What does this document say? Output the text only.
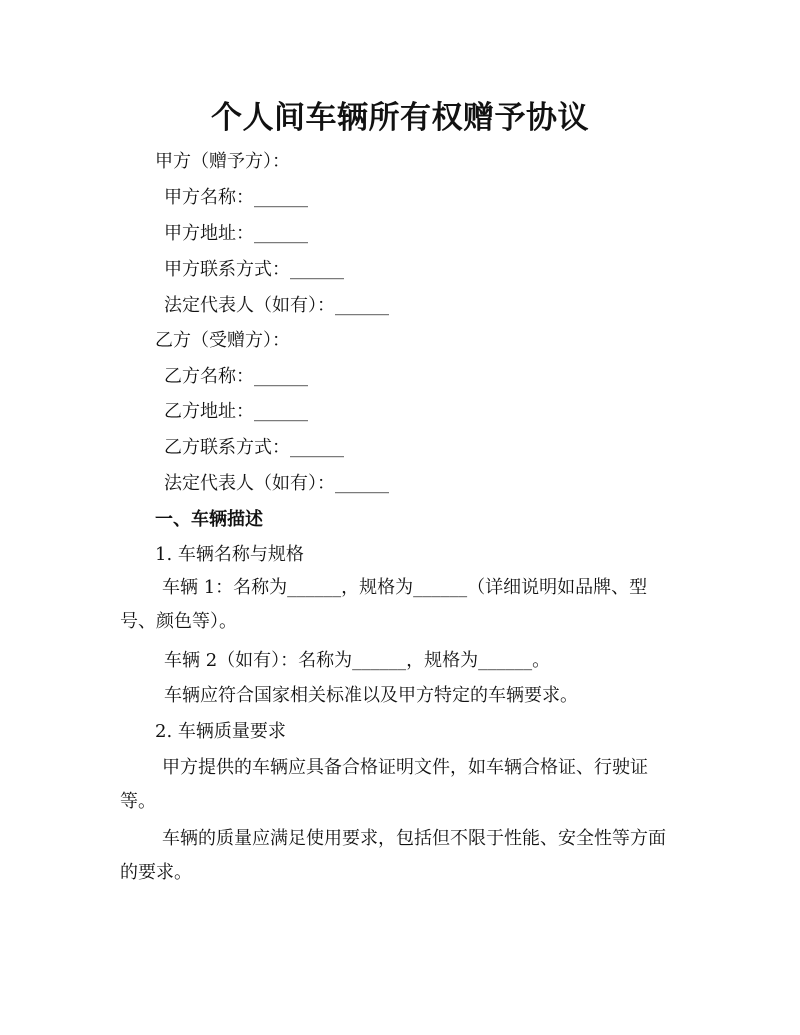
个人间车辆所有权赠予协议

甲方（赠予方）：

甲方名称：______

甲方地址：______

甲方联系方式：______

法定代表人（如有）：______

乙方（受赠方）：

乙方名称：______

乙方地址：______

乙方联系方式：______

法定代表人（如有）：______

一、车辆描述

1. 车辆名称与规格

车辆 1：名称为______，规格为______（详细说明如品牌、型号、颜色等）。

车辆 2（如有）：名称为______，规格为______。

车辆应符合国家相关标准以及甲方特定的车辆要求。

2. 车辆质量要求

甲方提供的车辆应具备合格证明文件，如车辆合格证、行驶证等。

车辆的质量应满足使用要求，包括但不限于性能、安全性等方面的要求。
